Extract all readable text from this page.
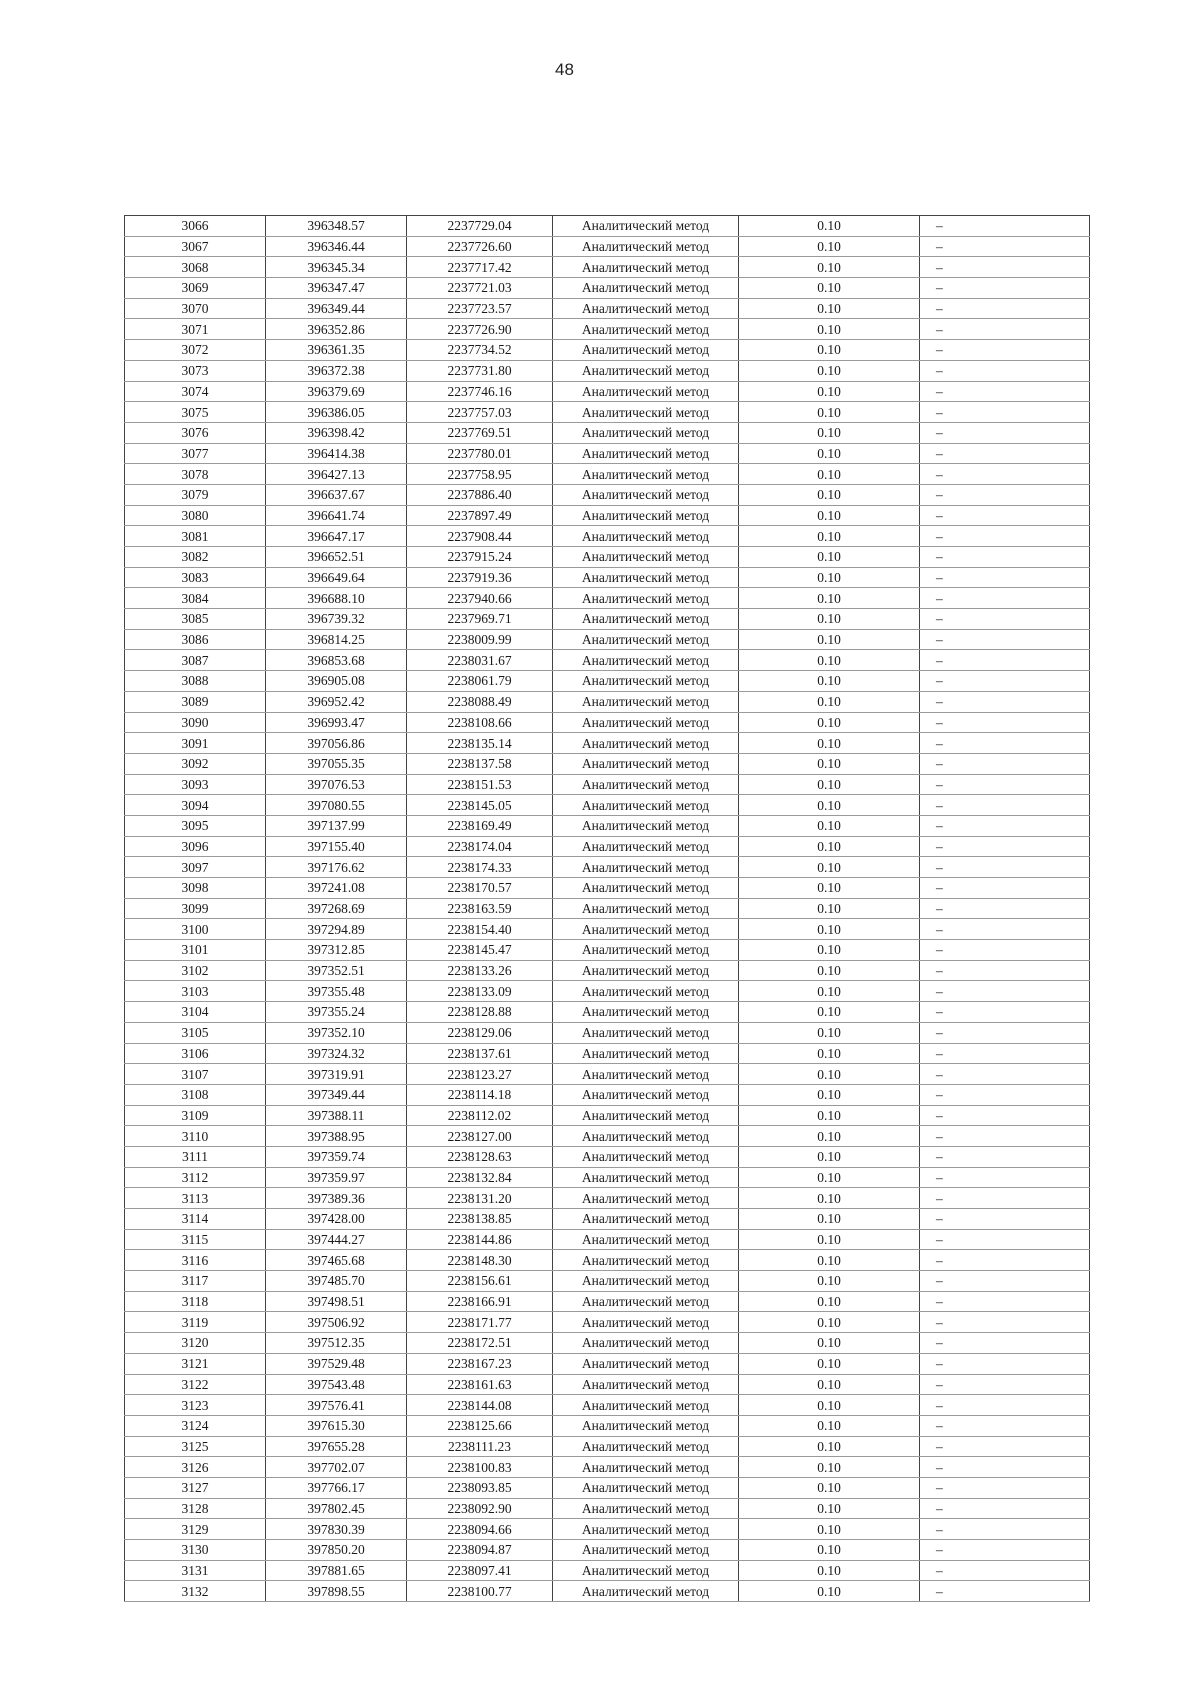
48
3066	396348.57	2237729.04	Аналитический метод	0.10	–
3067	396346.44	2237726.60	Аналитический метод	0.10	–
3068	396345.34	2237717.42	Аналитический метод	0.10	–
3069	396347.47	2237721.03	Аналитический метод	0.10	–
3070	396349.44	2237723.57	Аналитический метод	0.10	–
3071	396352.86	2237726.90	Аналитический метод	0.10	–
3072	396361.35	2237734.52	Аналитический метод	0.10	–
3073	396372.38	2237731.80	Аналитический метод	0.10	–
3074	396379.69	2237746.16	Аналитический метод	0.10	–
3075	396386.05	2237757.03	Аналитический метод	0.10	–
3076	396398.42	2237769.51	Аналитический метод	0.10	–
3077	396414.38	2237780.01	Аналитический метод	0.10	–
3078	396427.13	2237758.95	Аналитический метод	0.10	–
3079	396637.67	2237886.40	Аналитический метод	0.10	–
3080	396641.74	2237897.49	Аналитический метод	0.10	–
3081	396647.17	2237908.44	Аналитический метод	0.10	–
3082	396652.51	2237915.24	Аналитический метод	0.10	–
3083	396649.64	2237919.36	Аналитический метод	0.10	–
3084	396688.10	2237940.66	Аналитический метод	0.10	–
3085	396739.32	2237969.71	Аналитический метод	0.10	–
3086	396814.25	2238009.99	Аналитический метод	0.10	–
3087	396853.68	2238031.67	Аналитический метод	0.10	–
3088	396905.08	2238061.79	Аналитический метод	0.10	–
3089	396952.42	2238088.49	Аналитический метод	0.10	–
3090	396993.47	2238108.66	Аналитический метод	0.10	–
3091	397056.86	2238135.14	Аналитический метод	0.10	–
3092	397055.35	2238137.58	Аналитический метод	0.10	–
3093	397076.53	2238151.53	Аналитический метод	0.10	–
3094	397080.55	2238145.05	Аналитический метод	0.10	–
3095	397137.99	2238169.49	Аналитический метод	0.10	–
3096	397155.40	2238174.04	Аналитический метод	0.10	–
3097	397176.62	2238174.33	Аналитический метод	0.10	–
3098	397241.08	2238170.57	Аналитический метод	0.10	–
3099	397268.69	2238163.59	Аналитический метод	0.10	–
3100	397294.89	2238154.40	Аналитический метод	0.10	–
3101	397312.85	2238145.47	Аналитический метод	0.10	–
3102	397352.51	2238133.26	Аналитический метод	0.10	–
3103	397355.48	2238133.09	Аналитический метод	0.10	–
3104	397355.24	2238128.88	Аналитический метод	0.10	–
3105	397352.10	2238129.06	Аналитический метод	0.10	–
3106	397324.32	2238137.61	Аналитический метод	0.10	–
3107	397319.91	2238123.27	Аналитический метод	0.10	–
3108	397349.44	2238114.18	Аналитический метод	0.10	–
3109	397388.11	2238112.02	Аналитический метод	0.10	–
3110	397388.95	2238127.00	Аналитический метод	0.10	–
3111	397359.74	2238128.63	Аналитический метод	0.10	–
3112	397359.97	2238132.84	Аналитический метод	0.10	–
3113	397389.36	2238131.20	Аналитический метод	0.10	–
3114	397428.00	2238138.85	Аналитический метод	0.10	–
3115	397444.27	2238144.86	Аналитический метод	0.10	–
3116	397465.68	2238148.30	Аналитический метод	0.10	–
3117	397485.70	2238156.61	Аналитический метод	0.10	–
3118	397498.51	2238166.91	Аналитический метод	0.10	–
3119	397506.92	2238171.77	Аналитический метод	0.10	–
3120	397512.35	2238172.51	Аналитический метод	0.10	–
3121	397529.48	2238167.23	Аналитический метод	0.10	–
3122	397543.48	2238161.63	Аналитический метод	0.10	–
3123	397576.41	2238144.08	Аналитический метод	0.10	–
3124	397615.30	2238125.66	Аналитический метод	0.10	–
3125	397655.28	2238111.23	Аналитический метод	0.10	–
3126	397702.07	2238100.83	Аналитический метод	0.10	–
3127	397766.17	2238093.85	Аналитический метод	0.10	–
3128	397802.45	2238092.90	Аналитический метод	0.10	–
3129	397830.39	2238094.66	Аналитический метод	0.10	–
3130	397850.20	2238094.87	Аналитический метод	0.10	–
3131	397881.65	2238097.41	Аналитический метод	0.10	–
3132	397898.55	2238100.77	Аналитический метод	0.10	–
